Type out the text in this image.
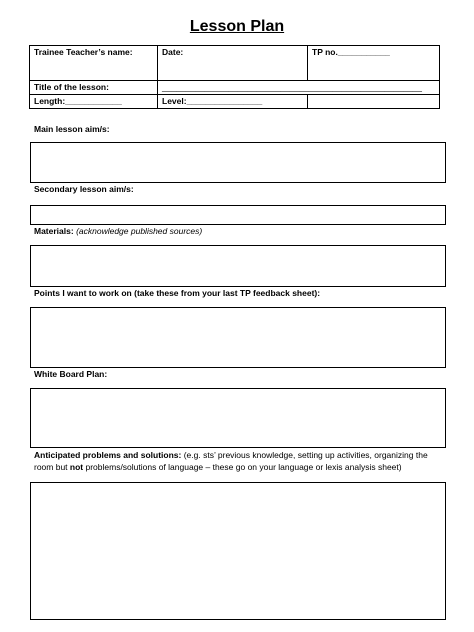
Lesson Plan
Trainee Teacher’s name:	Date:	TP no.___________
Title of the lesson:	_______________________________________________________	
Length:____________	Level:________________	
Main lesson aim/s:
Secondary lesson aim/s:
Materials: (acknowledge published sources)
Points I want to work on (take these from your last TP feedback sheet):
White Board Plan:
Anticipated problems and solutions: (e.g. sts’ previous knowledge, setting up activities, organizing the
room but not problems/solutions of language – these go on your language or lexis analysis sheet)
